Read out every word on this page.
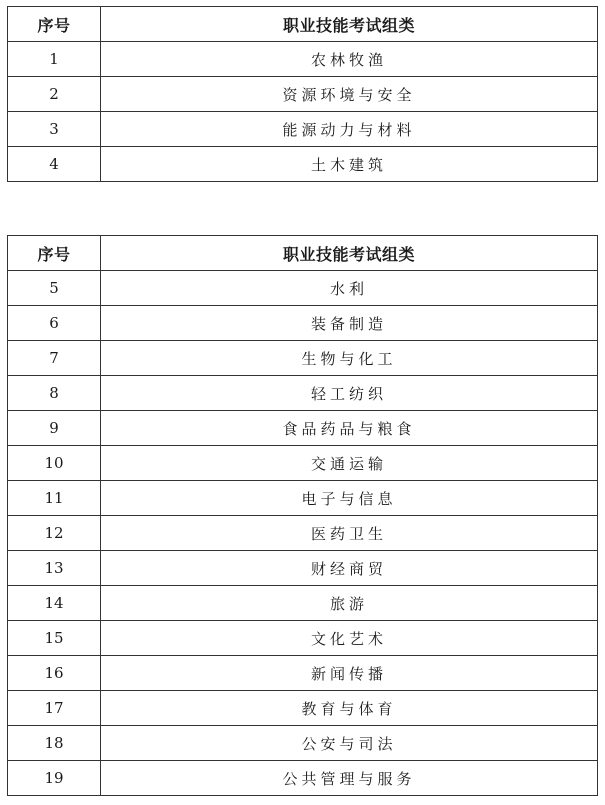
序号	职业技能考试组类
1	农林牧渔
2	资源环境与安全
3	能源动力与材料
4	土木建筑
序号	职业技能考试组类
5	水利
6	装备制造
7	生物与化工
8	轻工纺织
9	食品药品与粮食
10	交通运输
11	电子与信息
12	医药卫生
13	财经商贸
14	旅游
15	文化艺术
16	新闻传播
17	教育与体育
18	公安与司法
19	公共管理与服务
